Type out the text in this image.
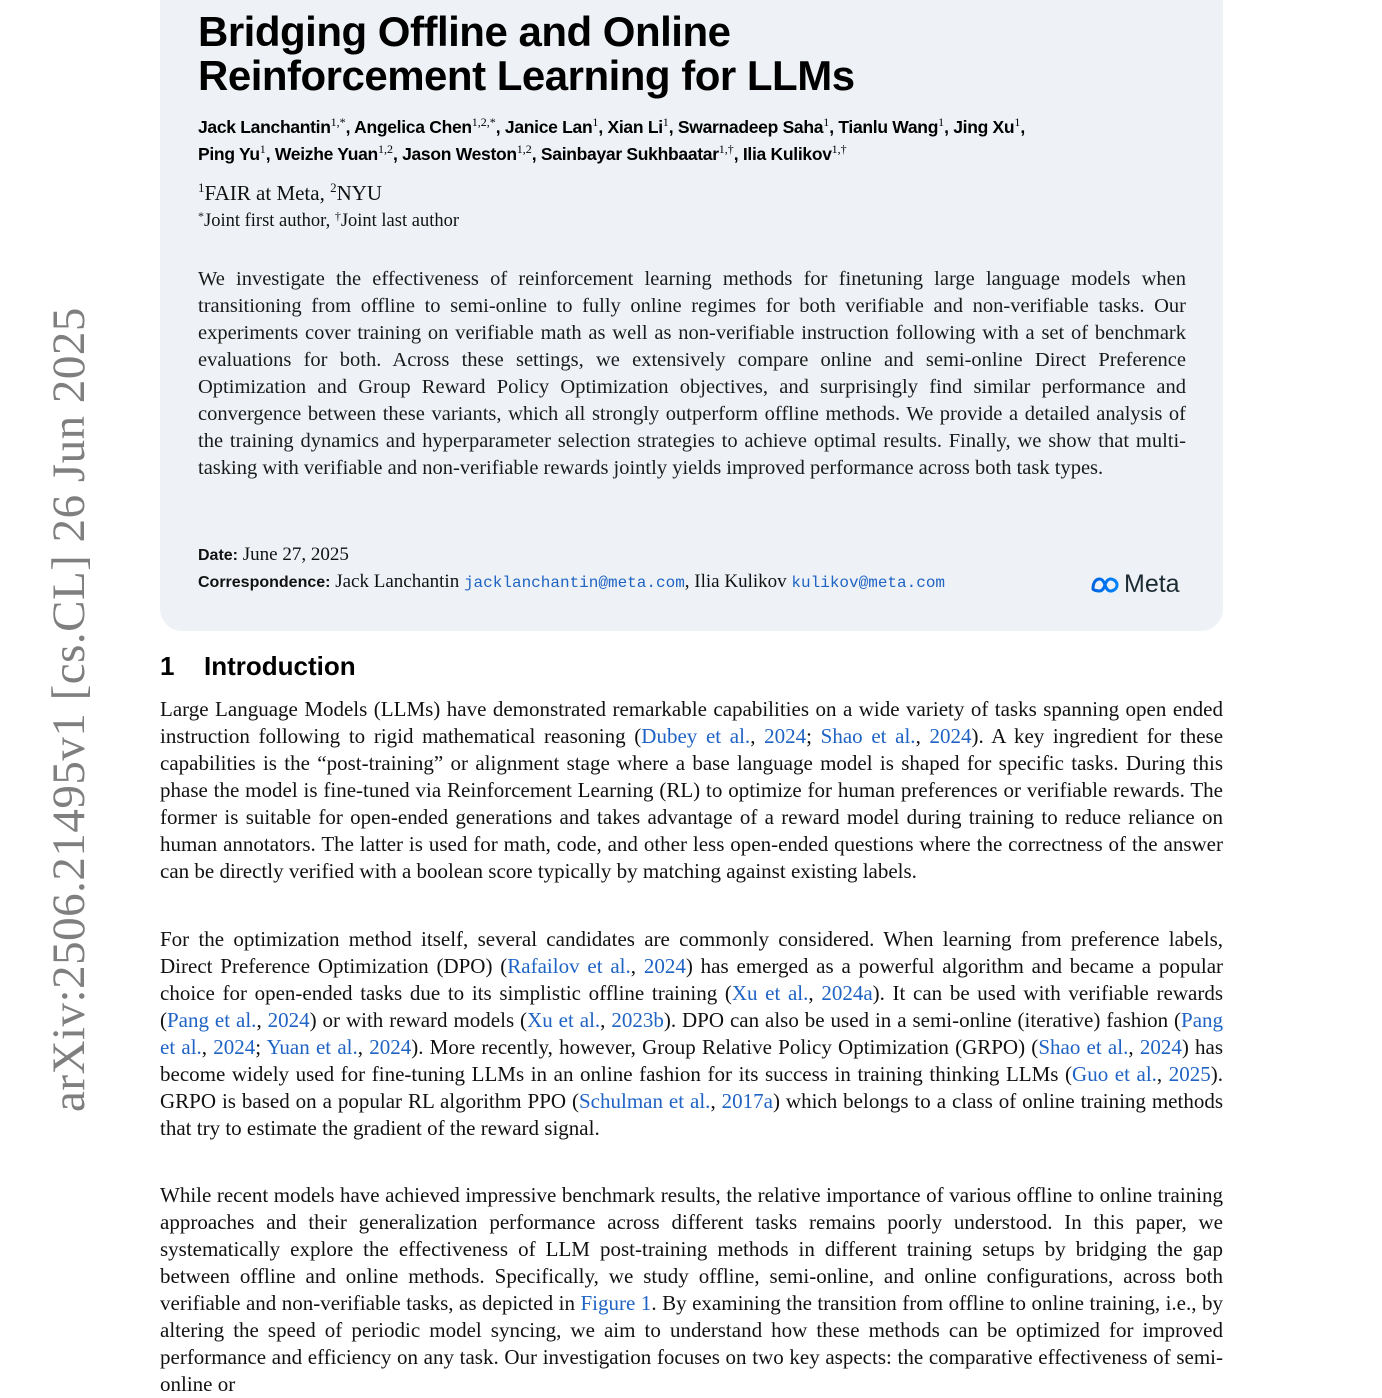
arXiv:2506.21495v1 [cs.CL] 26 Jun 2025
Bridging Offline and Online
Reinforcement Learning for LLMs
Jack Lanchantin$^{1,*}$, Angelica Chen$^{1,2,*}$, Janice Lan$^1$, Xian Li$^1$, Swarnadeep Saha$^1$, Tianlu Wang$^1$, Jing Xu$^1$,
Ping Yu$^1$, Weizhe Yuan$^{1,2}$, Jason Weston$^{1,2}$, Sainbayar Sukhbaatar$^{1,\dagger}$, Ilia Kulikov$^{1,\dagger}$
$^1$FAIR at Meta, $^2$NYU
*Joint first author, †Joint last author
We investigate the effectiveness of reinforcement learning methods for finetuning large language models when transitioning from offline to semi-online to fully online regimes for both verifiable and non-verifiable tasks. Our experiments cover training on verifiable math as well as non-verifiable instruction following with a set of benchmark evaluations for both. Across these settings, we extensively compare online and semi-online Direct Preference Optimization and Group Reward Policy Optimization objectives, and surprisingly find similar performance and convergence between these variants, which all strongly outperform offline methods. We provide a detailed analysis of the training dynamics and hyperparameter selection strategies to achieve optimal results. Finally, we show that multi-tasking with verifiable and non-verifiable rewards jointly yields improved performance across both task types.
Date: June 27, 2025
Correspondence: Jack Lanchantin jacklanchantin@meta.com, Ilia Kulikov kulikov@meta.com	Meta
1 Introduction
Large Language Models (LLMs) have demonstrated remarkable capabilities on a wide variety of tasks spanning open ended instruction following to rigid mathematical reasoning (Dubey et al., 2024; Shao et al., 2024). A key ingredient for these capabilities is the “post-training” or alignment stage where a base language model is shaped for specific tasks. During this phase the model is fine-tuned via Reinforcement Learning (RL) to optimize for human preferences or verifiable rewards. The former is suitable for open-ended generations and takes advantage of a reward model during training to reduce reliance on human annotators. The latter is used for math, code, and other less open-ended questions where the correctness of the answer can be directly verified with a boolean score typically by matching against existing labels.
For the optimization method itself, several candidates are commonly considered. When learning from preference labels, Direct Preference Optimization (DPO) (Rafailov et al., 2024) has emerged as a powerful algorithm and became a popular choice for open-ended tasks due to its simplistic offline training (Xu et al., 2024a). It can be used with verifiable rewards (Pang et al., 2024) or with reward models (Xu et al., 2023b). DPO can also be used in a semi-online (iterative) fashion (Pang et al., 2024; Yuan et al., 2024). More recently, however, Group Relative Policy Optimization (GRPO) (Shao et al., 2024) has become widely used for fine-tuning LLMs in an online fashion for its success in training thinking LLMs (Guo et al., 2025). GRPO is based on a popular RL algorithm PPO (Schulman et al., 2017a) which belongs to a class of online training methods that try to estimate the gradient of the reward signal.
While recent models have achieved impressive benchmark results, the relative importance of various offline to online training approaches and their generalization performance across different tasks remains poorly understood. In this paper, we systematically explore the effectiveness of LLM post-training methods in different training setups by bridging the gap between offline and online methods. Specifically, we study offline, semi-online, and online configurations, across both verifiable and non-verifiable tasks, as depicted in Figure 1. By examining the transition from offline to online training, i.e., by altering the speed of periodic model syncing, we aim to understand how these methods can be optimized for improved performance and efficiency on any task. Our investigation focuses on two key aspects: the comparative effectiveness of semi-online or
